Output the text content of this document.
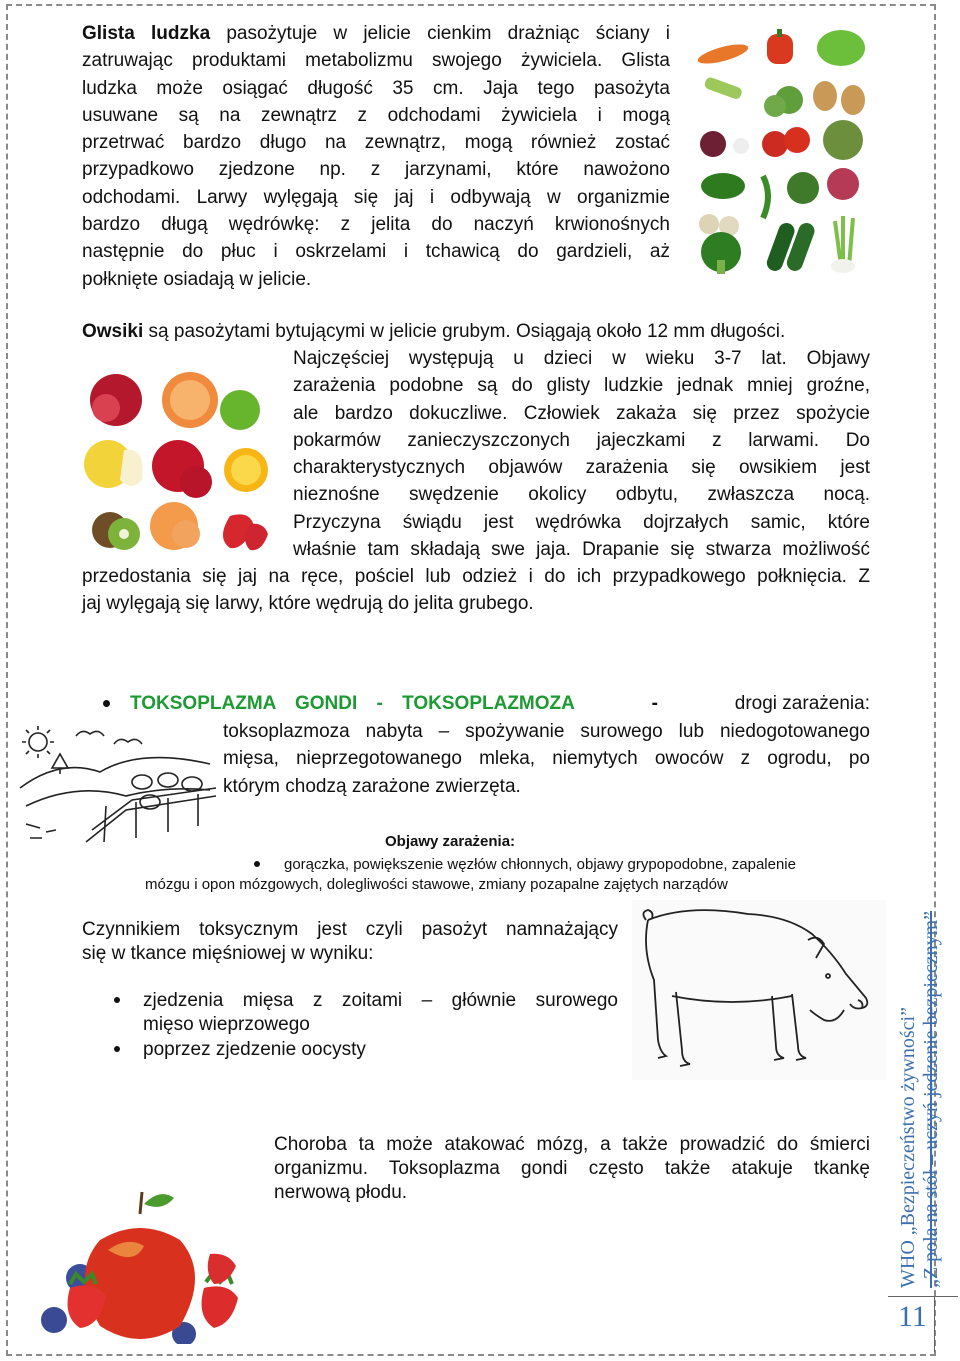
Glista ludzka pasożytuje w jelicie cienkim drażniąc ściany i
zatruwając produktami metabolizmu swojego żywiciela. Glista
ludzka może osiągać długość 35 cm. Jaja tego pasożyta
usuwane są na zewnątrz z odchodami żywiciela i mogą
przetrwać bardzo długo na zewnątrz, mogą również zostać
przypadkowo zjedzone np. z jarzynami, które nawożono
odchodami. Larwy wylęgają się jaj i odbywają w organizmie
bardzo długą wędrówkę: z jelita do naczyń krwionośnych
następnie do płuc i oskrzelami i tchawicą do gardzieli, aż
połknięte osiadają w jelicie.
Owsiki są pasożytami bytującymi w jelicie grubym. Osiągają około 12 mm długości.
Najczęściej występują u dzieci w wieku 3-7 lat. Objawy
zarażenia podobne są do glisty ludzkie jednak mniej groźne,
ale bardzo dokuczliwe. Człowiek zakaża się przez spożycie
pokarmów zanieczyszczonych jajeczkami z larwami. Do
charakterystycznych objawów zarażenia się owsikiem jest
nieznośne swędzenie okolicy odbytu, zwłaszcza nocą.
Przyczyna świądu jest wędrówka dojrzałych samic, które
właśnie tam składają swe jaja. Drapanie się stwarza możliwość
przedostania się jaj na ręce, pościel lub odzież i do ich przypadkowego połknięcia. Z
jaj wylęgają się larwy, które wędrują do jelita grubego.
TOKSOPLAZMA GONDI - TOKSOPLAZMOZA	-	drogi zarażenia:
toksoplazmoza nabyta – spożywanie surowego lub niedogotowanego
mięsa, nieprzegotowanego mleka, niemytych owoców z ogrodu, po
którym chodzą zarażone zwierzęta.
Objawy zarażenia:
gorączka, powiększenie węzłów chłonnych, objawy grypopodobne, zapalenie
mózgu i opon mózgowych, dolegliwości stawowe, zmiany pozapalne zajętych narządów
Czynnikiem toksycznym jest czyli pasożyt namnażający
się w tkance mięśniowej w wyniku:
zjedzenia mięsa z zoitami – głównie surowego
mięso wieprzowego
poprzez zjedzenie oocysty
Choroba ta może atakować mózg, a także prowadzić do śmierci
organizmu. Toksoplazma gondi często także atakuje tkankę
nerwową płodu.	WHO „Bezpieczeństwo żywności” „Z pola na stół – uczyń jedzenie bezpiecznym”
11
